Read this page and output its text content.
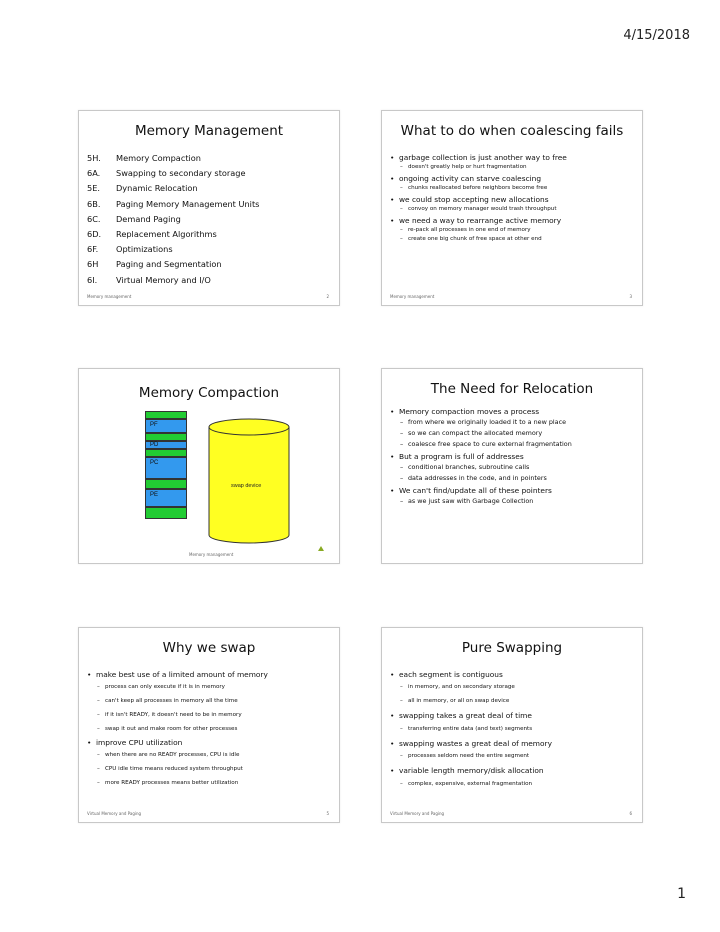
4/15/2018
Memory Management
5H.	Memory Compaction
6A.	Swapping to secondary storage
5E.	Dynamic Relocation
6B.	Paging Memory Management Units
6C.	Demand Paging
6D.	Replacement Algorithms
6F.	Optimizations
6H	Paging and Segmentation
6I.	Virtual Memory and I/O
Memory management	2
What to do when coalescing fails
• garbage collection is just another way to free
– doesn't greatly help or hurt fragmentation
• ongoing activity can starve coalescing
– chunks reallocated before neighbors become free
• we could stop accepting new allocations
– convoy on memory manager would trash throughput
• we need a way to rearrange active memory
– re-pack all processes in one end of memory
– create one big chunk of free space at other end
Memory management	3
Memory Compaction
PF
PD
PC
PE
swap device
Memory management
The Need for Relocation
• Memory compaction moves a process
– from where we originally loaded it to a new place
– so we can compact the allocated memory
– coalesce free space to cure external fragmentation
• But a program is full of addresses
– conditional branches, subroutine calls
– data addresses in the code, and in pointers
• We can't find/update all of these pointers
– as we just saw with Garbage Collection
Why we swap
• make best use of a limited amount of memory
– process can only execute if it is in memory
– can't keep all processes in memory all the time
– if it isn't READY, it doesn't need to be in memory
– swap it out and make room for other processes
• improve CPU utilization
– when there are no READY processes, CPU is idle
– CPU idle time means reduced system throughput
– more READY processes means better utilization
Virtual Memory and Paging	5
Pure Swapping
• each segment is contiguous
– in memory, and on secondary storage
– all in memory, or all on swap device
• swapping takes a great deal of time
– transferring entire data (and text) segments
• swapping wastes a great deal of memory
– processes seldom need the entire segment
• variable length memory/disk allocation
– complex, expensive, external fragmentation
Virtual Memory and Paging	6
1
